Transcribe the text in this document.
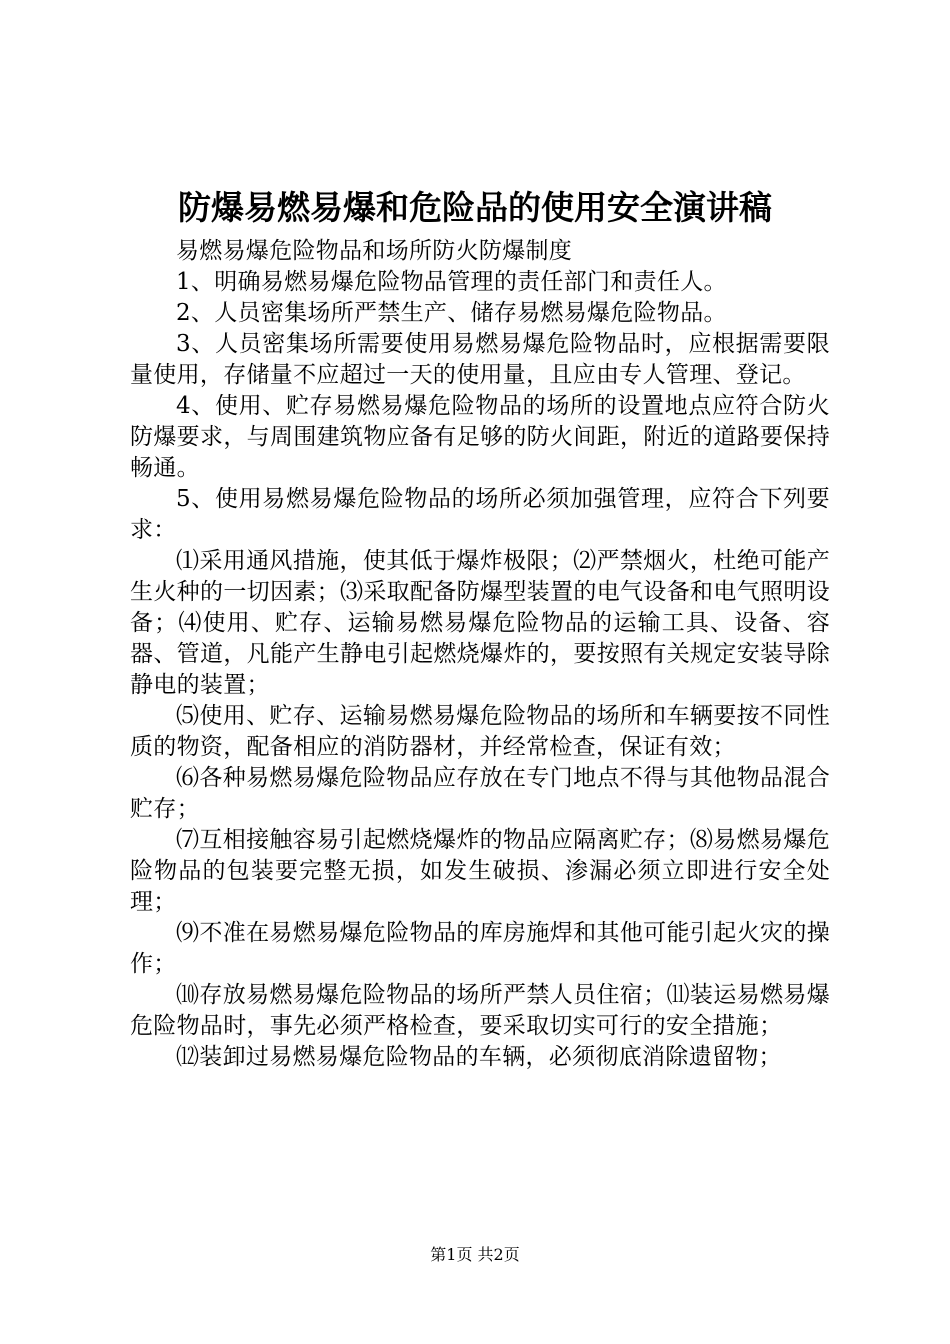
防爆易燃易爆和危险品的使用安全演讲稿

易燃易爆危险物品和场所防火防爆制度

1、明确易燃易爆危险物品管理的责任部门和责任人。

2、人员密集场所严禁生产、储存易燃易爆危险物品。

3、人员密集场所需要使用易燃易爆危险物品时，应根据需要限量使用，存储量不应超过一天的使用量，且应由专人管理、登记。

4、使用、贮存易燃易爆危险物品的场所的设置地点应符合防火防爆要求，与周围建筑物应备有足够的防火间距，附近的道路要保持畅通。

5、使用易燃易爆危险物品的场所必须加强管理，应符合下列要求：

⑴采用通风措施，使其低于爆炸极限；⑵严禁烟火，杜绝可能产生火种的一切因素；⑶采取配备防爆型装置的电气设备和电气照明设备；⑷使用、贮存、运输易燃易爆危险物品的运输工具、设备、容器、管道，凡能产生静电引起燃烧爆炸的，要按照有关规定安装导除静电的装置；

⑸使用、贮存、运输易燃易爆危险物品的场所和车辆要按不同性质的物资，配备相应的消防器材，并经常检查，保证有效；

⑹各种易燃易爆危险物品应存放在专门地点不得与其他物品混合贮存；

⑺互相接触容易引起燃烧爆炸的物品应隔离贮存；⑻易燃易爆危险物品的包装要完整无损，如发生破损、渗漏必须立即进行安全处理；

⑼不准在易燃易爆危险物品的库房施焊和其他可能引起火灾的操作；

⑽存放易燃易爆危险物品的场所严禁人员住宿；⑾装运易燃易爆危险物品时，事先必须严格检查，要采取切实可行的安全措施；

⑿装卸过易燃易爆危险物品的车辆，必须彻底消除遗留物；

第1页 共2页
